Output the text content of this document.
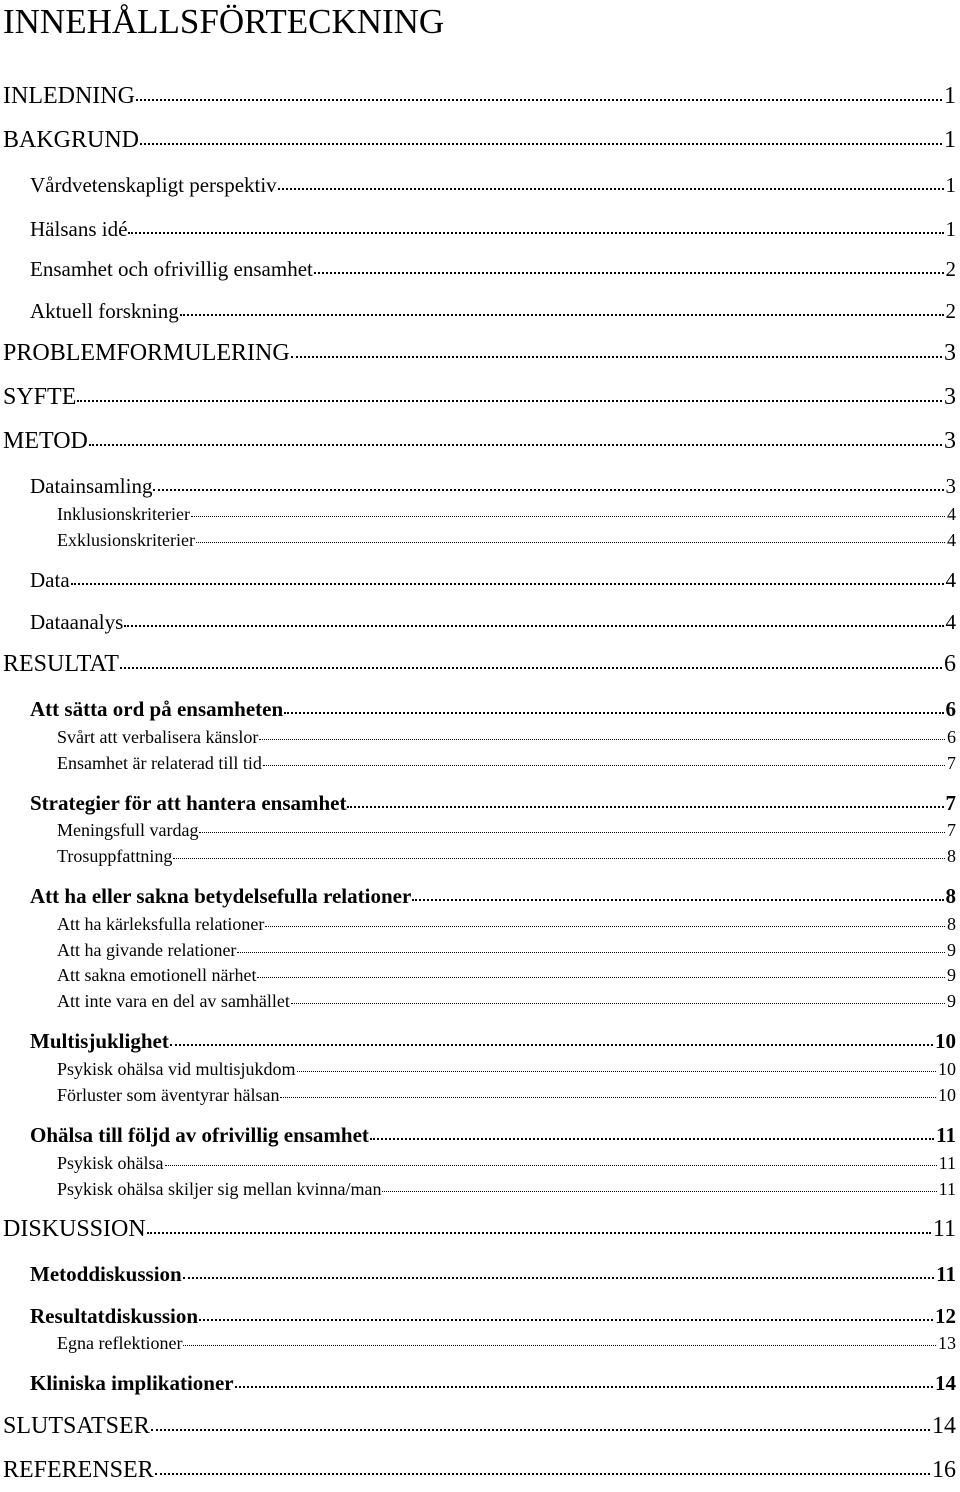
INNEHÅLLSFÖRTECKNING
INLEDNING	1
BAKGRUND	1
Vårdvetenskapligt perspektiv	1
Hälsans idé	1
Ensamhet och ofrivillig ensamhet	2
Aktuell forskning	2
PROBLEMFORMULERING	3
SYFTE	3
METOD	3
Datainsamling	3
Inklusionskriterier	4
Exklusionskriterier	4
Data	4
Dataanalys	4
RESULTAT	6
Att sätta ord på ensamheten	6
Svårt att verbalisera känslor	6
Ensamhet är relaterad till tid	7
Strategier för att hantera ensamhet	7
Meningsfull vardag	7
Trosuppfattning	8
Att ha eller sakna betydelsefulla relationer	8
Att ha kärleksfulla relationer	8
Att ha givande relationer	9
Att sakna emotionell närhet	9
Att inte vara en del av samhället	9
Multisjuklighet	10
Psykisk ohälsa vid multisjukdom	10
Förluster som äventyrar hälsan	10
Ohälsa till följd av ofrivillig ensamhet	11
Psykisk ohälsa	11
Psykisk ohälsa skiljer sig mellan kvinna/man	11
DISKUSSION	11
Metoddiskussion	11
Resultatdiskussion	12
Egna reflektioner	13
Kliniska implikationer	14
SLUTSATSER	14
REFERENSER	16
